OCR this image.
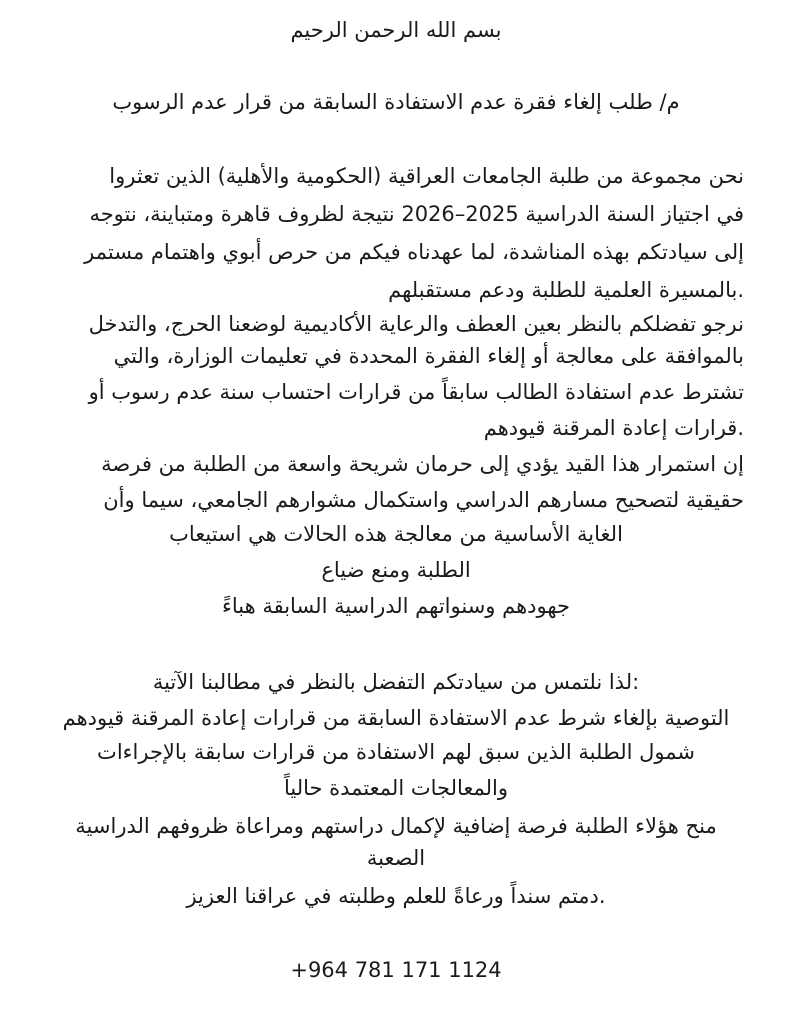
بسم الله الرحمن الرحيم
م/ طلب إلغاء فقرة عدم الاستفادة السابقة من قرار عدم الرسوب
نحن مجموعة من طلبة الجامعات العراقية (الحكومية والأهلية) الذين تعثروا
في اجتياز السنة الدراسية 2025–2026 نتيجة لظروف قاهرة ومتباينة، نتوجه
إلى سيادتكم بهذه المناشدة، لما عهدناه فيكم من حرص أبوي واهتمام مستمر
.بالمسيرة العلمية للطلبة ودعم مستقبلهم
نرجو تفضلكم بالنظر بعين العطف والرعاية الأكاديمية لوضعنا الحرج، والتدخل
بالموافقة على معالجة أو إلغاء الفقرة المحددة في تعليمات الوزارة، والتي
تشترط عدم استفادة الطالب سابقاً من قرارات احتساب سنة عدم رسوب أو
.قرارات إعادة المرقنة قيودهم
إن استمرار هذا القيد يؤدي إلى حرمان شريحة واسعة من الطلبة من فرصة
حقيقية لتصحيح مسارهم الدراسي واستكمال مشوارهم الجامعي، سيما وأن
الغاية الأساسية من معالجة هذه الحالات هي استيعاب
الطلبة ومنع ضياع
جهودهم وسنواتهم الدراسية السابقة هباءً
:لذا نلتمس من سيادتكم التفضل بالنظر في مطالبنا الآتية
التوصية بإلغاء شرط عدم الاستفادة السابقة من قرارات إعادة المرقنة قيودهم
شمول الطلبة الذين سبق لهم الاستفادة من قرارات سابقة بالإجراءات
والمعالجات المعتمدة حالياً
منح هؤلاء الطلبة فرصة إضافية لإكمال دراستهم ومراعاة ظروفهم الدراسية
الصعبة
.دمتم سنداً ورعاةً للعلم وطلبته في عراقنا العزيز
+964 781 171 1124
